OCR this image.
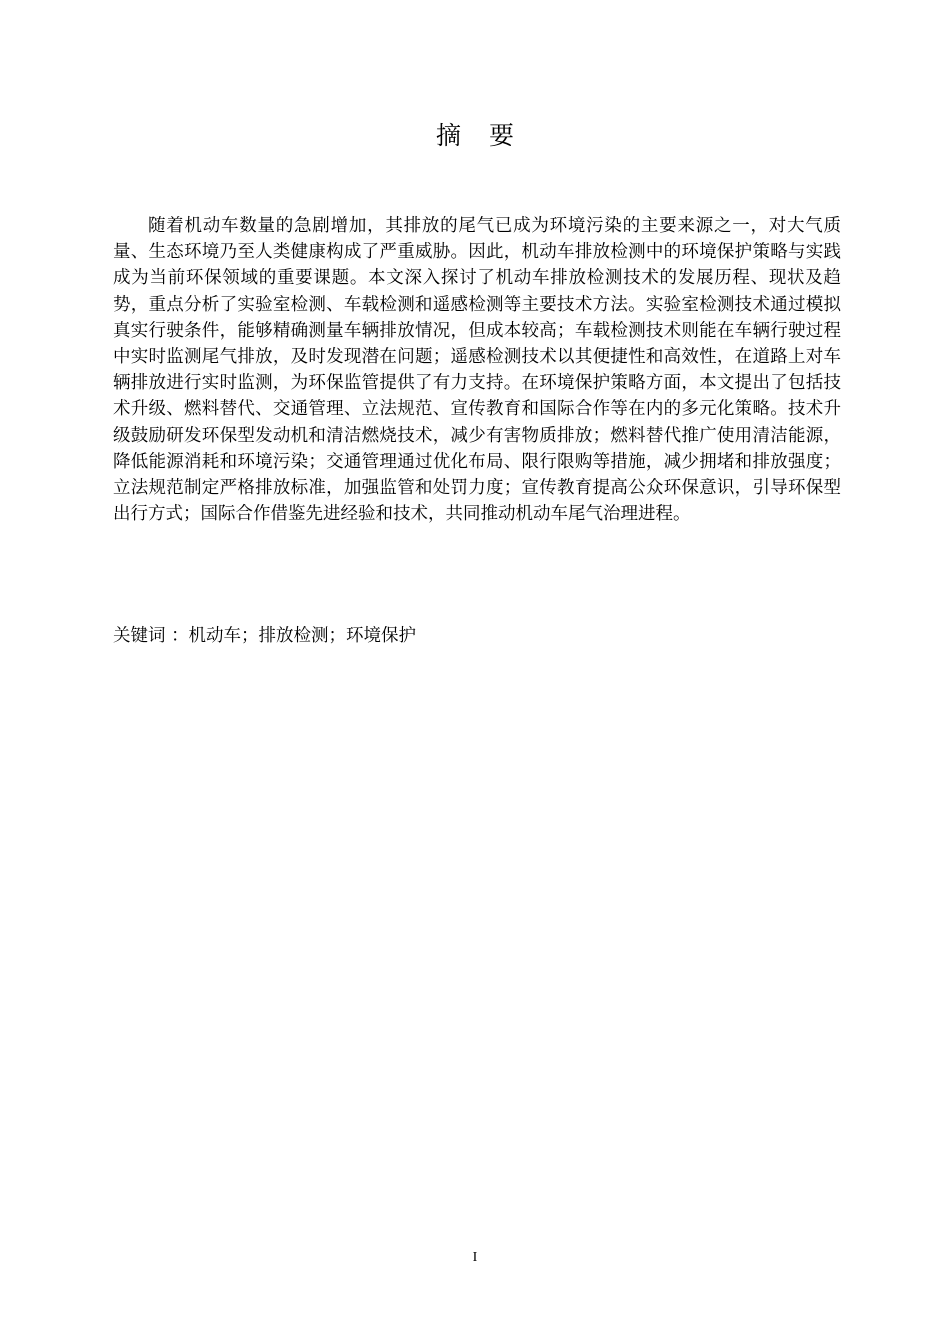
摘 要

随着机动车数量的急剧增加，其排放的尾气已成为环境污染的主要来源之一，对大气质量、生态环境乃至人类健康构成了严重威胁。因此，机动车排放检测中的环境保护策略与实践成为当前环保领域的重要课题。本文深入探讨了机动车排放检测技术的发展历程、现状及趋势，重点分析了实验室检测、车载检测和遥感检测等主要技术方法。实验室检测技术通过模拟真实行驶条件，能够精确测量车辆排放情况，但成本较高；车载检测技术则能在车辆行驶过程中实时监测尾气排放，及时发现潜在问题；遥感检测技术以其便捷性和高效性，在道路上对车辆排放进行实时监测，为环保监管提供了有力支持。在环境保护策略方面，本文提出了包括技术升级、燃料替代、交通管理、立法规范、宣传教育和国际合作等在内的多元化策略。技术升级鼓励研发环保型发动机和清洁燃烧技术，减少有害物质排放；燃料替代推广使用清洁能源，降低能源消耗和环境污染；交通管理通过优化布局、限行限购等措施，减少拥堵和排放强度；立法规范制定严格排放标准，加强监管和处罚力度；宣传教育提高公众环保意识，引导环保型出行方式；国际合作借鉴先进经验和技术，共同推动机动车尾气治理进程。

关键词 ：机动车；排放检测；环境保护
I
